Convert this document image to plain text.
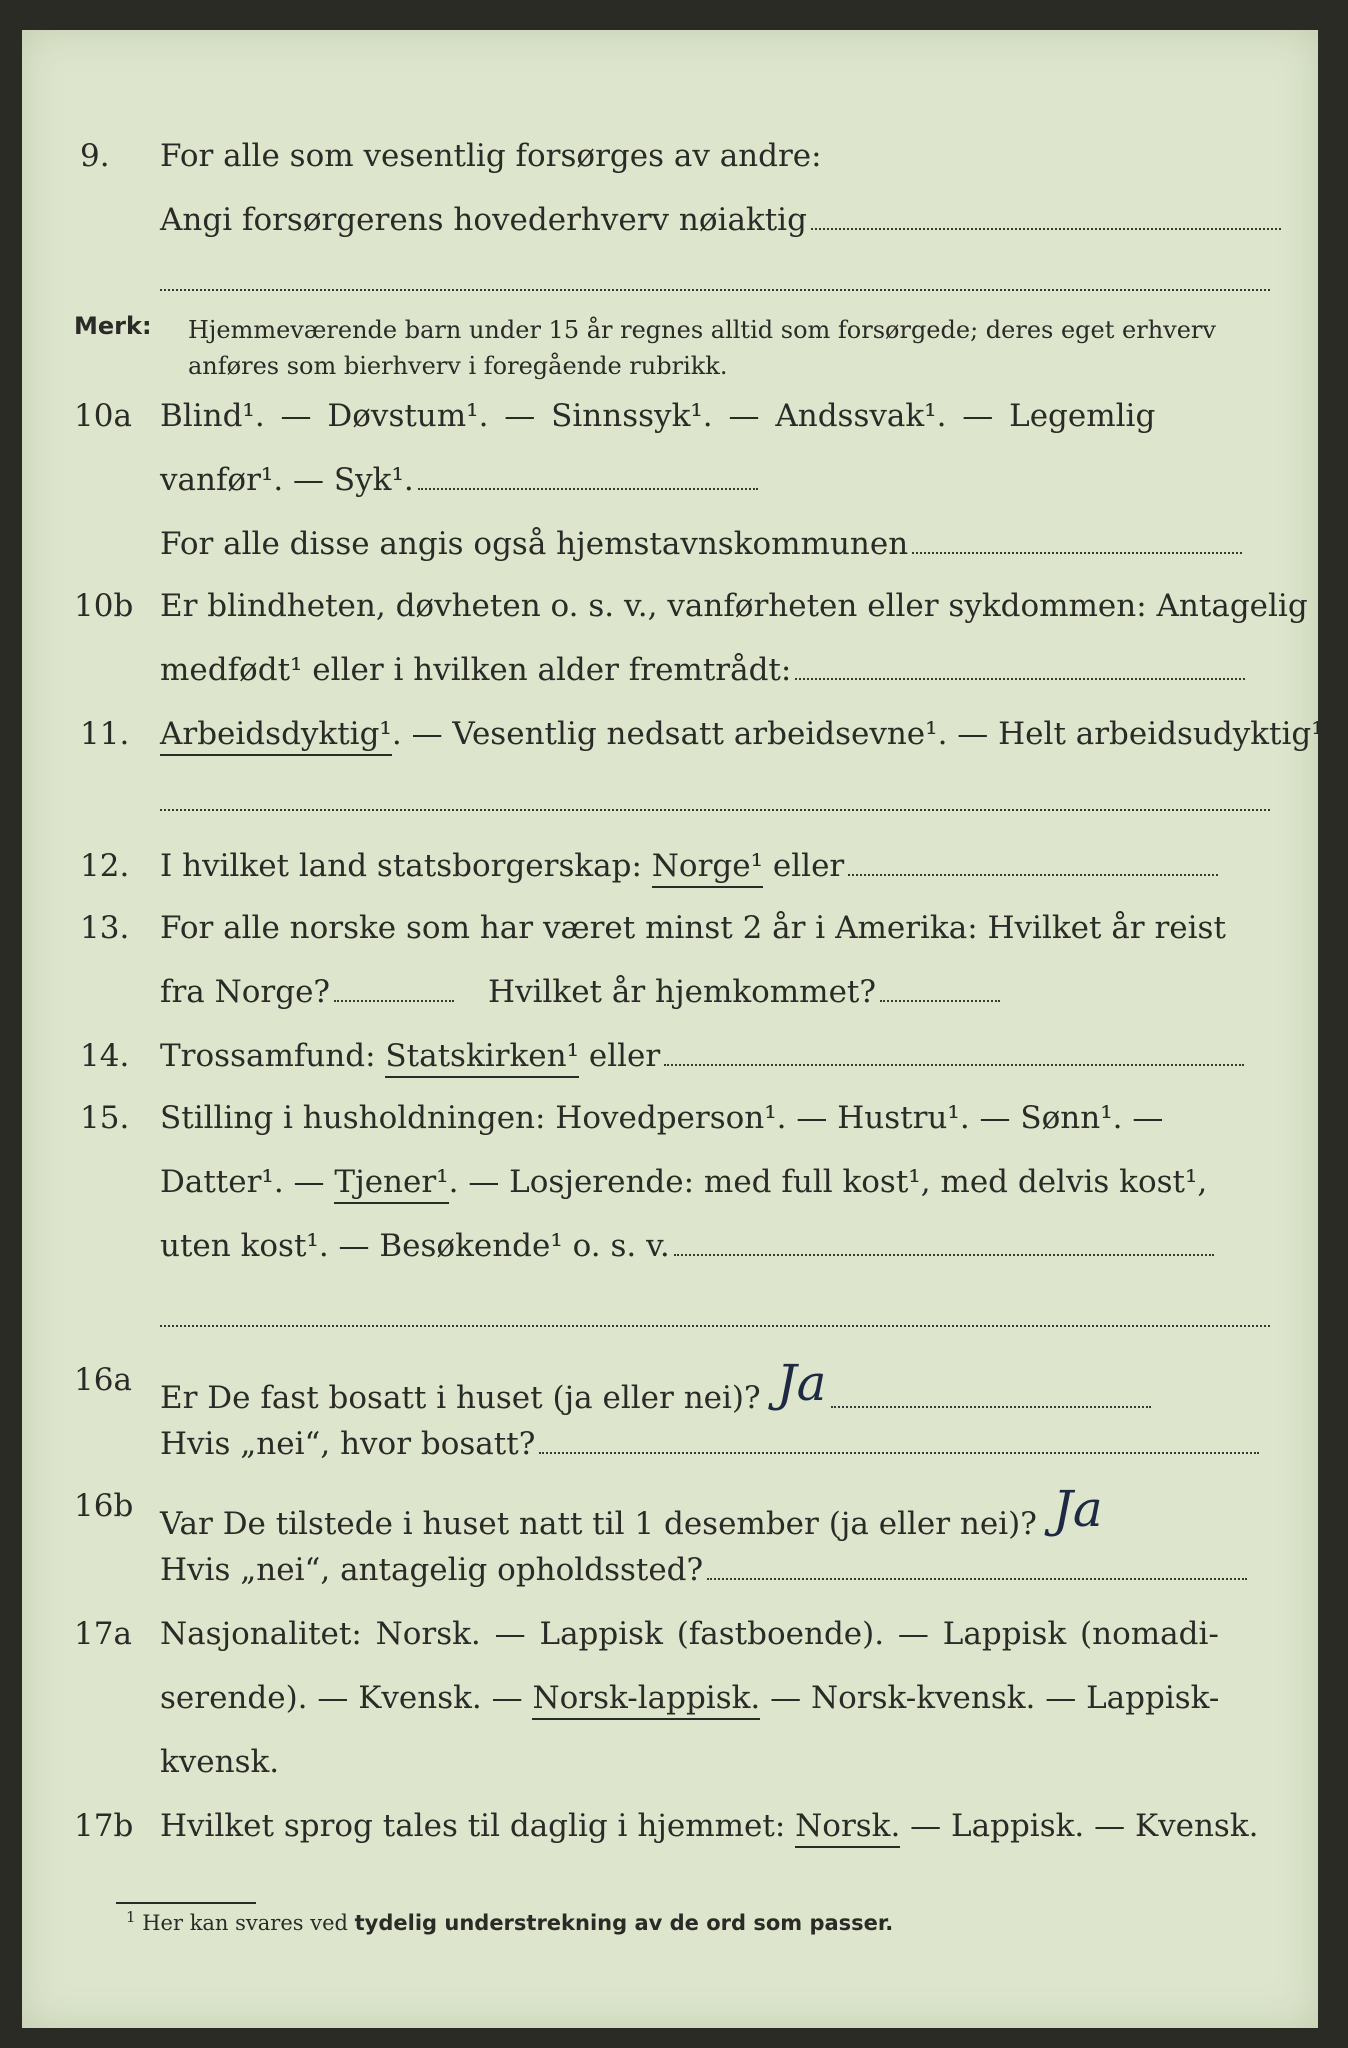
9. For alle som vesentlig forsørges av andre:
Angi forsørgerens hovederhverv nøiaktig
Merk: Hjemmeværende barn under 15 år regnes alltid som forsørgede; deres eget erhverv anføres som bierhverv i foregående rubrikk.
10a Blind¹. — Døvstum¹. — Sinnssyk¹. — Andssvak¹. — Legemlig
vanfør¹. — Syk¹.
For alle disse angis også hjemstavnskommunen
10b Er blindheten, døvheten o. s. v., vanførheten eller sykdommen: Antagelig
medfødt¹ eller i hvilken alder fremtrådt:
11. Arbeidsdyktig¹. — Vesentlig nedsatt arbeidsevne¹. — Helt arbeidsudyktig¹.
12. I hvilket land statsborgerskap: Norge¹ eller
13. For alle norske som har været minst 2 år i Amerika: Hvilket år reist
fra Norge?	Hvilket år hjemkommet?
14. Trossamfund: Statskirken¹ eller
15. Stilling i husholdningen: Hovedperson¹. — Hustru¹. — Sønn¹. —
Datter¹. — Tjener¹. — Losjerende: med full kost¹, med delvis kost¹,
uten kost¹. — Besøkende¹ o. s. v.
16a Er De fast bosatt i huset (ja eller nei)? Ja
Hvis „nei“, hvor bosatt?
16b Var De tilstede i huset natt til 1 desember (ja eller nei)? Ja
Hvis „nei“, antagelig opholdssted?
17a Nasjonalitet: Norsk. — Lappisk (fastboende). — Lappisk (nomadi-
serende). — Kvensk. — Norsk-lappisk. — Norsk-kvensk. — Lappisk-
kvensk.
17b Hvilket sprog tales til daglig i hjemmet: Norsk. — Lappisk. — Kvensk.
$^1$ Her kan svares ved tydelig understrekning av de ord som passer.
